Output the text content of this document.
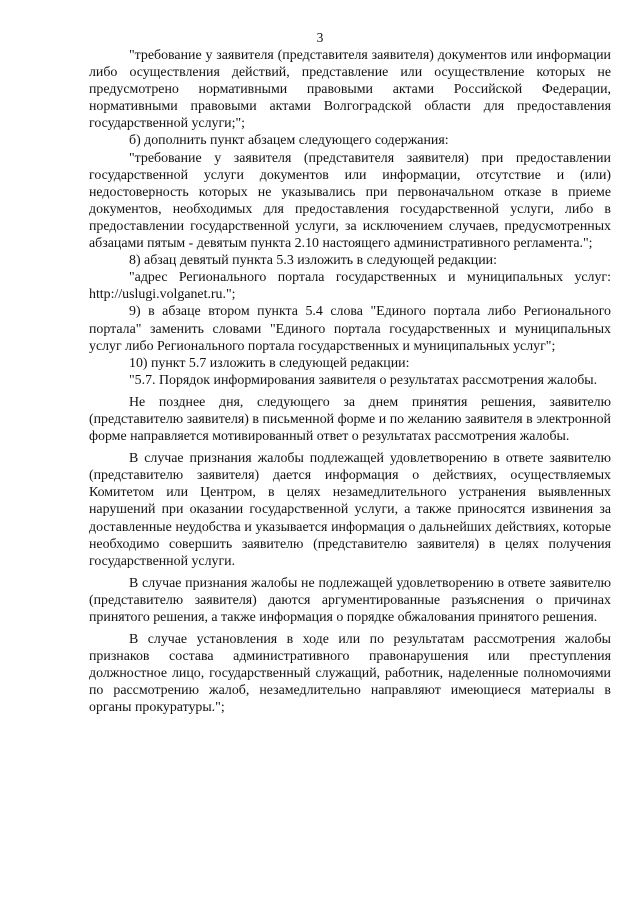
3

"требование у заявителя (представителя заявителя) документов или информации либо осуществления действий, представление или осуществление которых не предусмотрено нормативными правовыми актами Российской Федерации, нормативными правовыми актами Волгоградской области для предоставления государственной услуги;";

б) дополнить пункт абзацем следующего содержания:

"требование у заявителя (представителя заявителя) при предоставлении государственной услуги документов или информации, отсутствие и (или) недостоверность которых не указывались при первоначальном отказе в приеме документов, необходимых для предоставления государственной услуги, либо в предоставлении государственной услуги, за исключением случаев, предусмотренных абзацами пятым - девятым пункта 2.10 настоящего административного регламента.";

8) абзац девятый пункта 5.3 изложить в следующей редакции:

"адрес Регионального портала государственных и муниципальных услуг: http://uslugi.volganet.ru.";

9) в абзаце втором пункта 5.4 слова "Единого портала либо Регионального портала" заменить словами "Единого портала государственных и муниципальных услуг либо Регионального портала государственных и муниципальных услуг";

10) пункт 5.7 изложить в следующей редакции:

"5.7. Порядок информирования заявителя о результатах рассмотрения жалобы.

Не позднее дня, следующего за днем принятия решения, заявителю (представителю заявителя) в письменной форме и по желанию заявителя в электронной форме направляется мотивированный ответ о результатах рассмотрения жалобы.

В случае признания жалобы подлежащей удовлетворению в ответе заявителю (представителю заявителя) дается информация о действиях, осуществляемых Комитетом или Центром, в целях незамедлительного устранения выявленных нарушений при оказании государственной услуги, а также приносятся извинения за доставленные неудобства и указывается информация о дальнейших действиях, которые необходимо совершить заявителю (представителю заявителя) в целях получения государственной услуги.

В случае признания жалобы не подлежащей удовлетворению в ответе заявителю (представителю заявителя) даются аргументированные разъяснения о причинах принятого решения, а также информация о порядке обжалования принятого решения.

В случае установления в ходе или по результатам рассмотрения жалобы признаков состава административного правонарушения или преступления должностное лицо, государственный служащий, работник, наделенные полномочиями по рассмотрению жалоб, незамедлительно направляют имеющиеся материалы в органы прокуратуры.";
